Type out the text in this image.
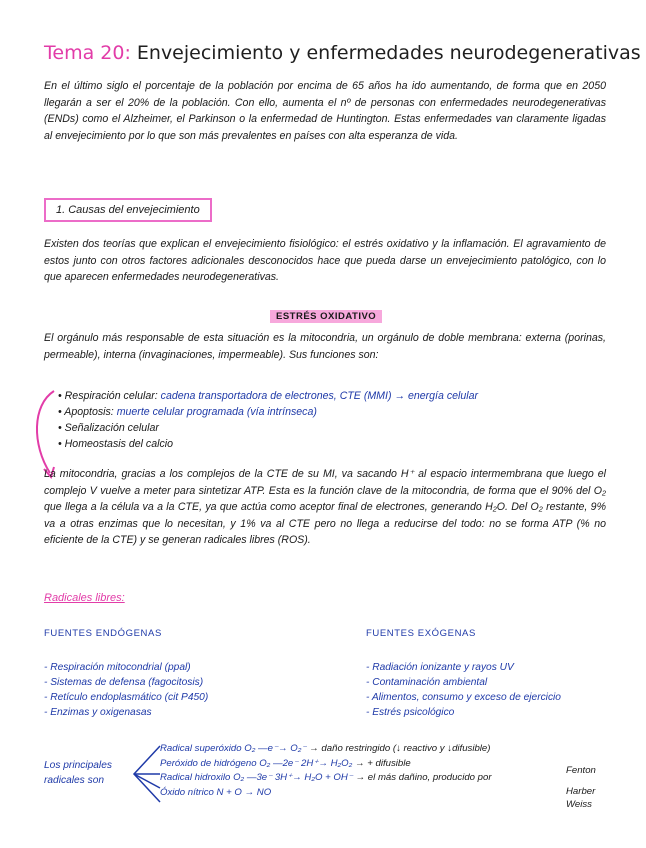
Tema 20: Envejecimiento y enfermedades neurodegenerativas
En el último siglo el porcentaje de la población por encima de 65 años ha ido aumentando, de forma que en 2050 llegarán a ser el 20% de la población. Con ello, aumenta el nº de personas con enfermedades neurodegenerativas (ENDs) como el Alzheimer, el Parkinson o la enfermedad de Huntington. Estas enfermedades van claramente ligadas al envejecimiento por lo que son más prevalentes en países con alta esperanza de vida.
1. Causas del envejecimiento
Existen dos teorías que explican el envejecimiento fisiológico: el estrés oxidativo y la inflamación. El agravamiento de estos junto con otros factores adicionales desconocidos hace que pueda darse un envejecimiento patológico, con lo que aparecen enfermedades neurodegenerativas.
ESTRÉS OXIDATIVO
El orgánulo más responsable de esta situación es la mitocondria, un orgánulo de doble membrana: externa (porinas, permeable), interna (invaginaciones, impermeable). Sus funciones son:
• Respiración celular: cadena transportadora de electrones, CTE (MMI) → energía celular
• Apoptosis: muerte celular programada (vía intrínseca)
• Señalización celular
• Homeostasis del calcio
La mitocondria, gracias a los complejos de la CTE de su MI, va sacando H⁺ al espacio intermembrana que luego el complejo V vuelve a meter para sintetizar ATP. Esta es la función clave de la mitocondria, de forma que el 90% del O₂ que llega a la célula va a la CTE, ya que actúa como aceptor final de electrones, generando H₂O. Del O₂ restante, 9% va a otras enzimas que lo necesitan, y 1% va al CTE pero no llega a reducirse del todo: no se forma ATP (% no eficiente de la CTE) y se generan radicales libres (ROS).
Radicales libres:
FUENTES ENDÓGENAS
- Respiración mitocondrial (ppal)
- Sistemas de defensa (fagocitosis)
- Retículo endoplasmático (cit P450)
- Enzimas y oxigenasas
FUENTES EXÓGENAS
- Radiación ionizante y rayos UV
- Contaminación ambiental
- Alimentos, consumo y exceso de ejercicio
- Estrés psicológico
Los principales radicales son
Radical superóxido O₂ —e⁻→ O₂⁻ → daño restringido (↓ reactivo y ↓difusible)
Peróxido de hidrógeno O₂ —2e⁻ 2H⁺→ H₂O₂ → + difusible
Radical hidroxilo O₂ —3e⁻ 3H⁺→ H₂O + OH⁻ → el más dañino, producido por
Óxido nítrico N + O → NO
Fenton
Harber Weiss
